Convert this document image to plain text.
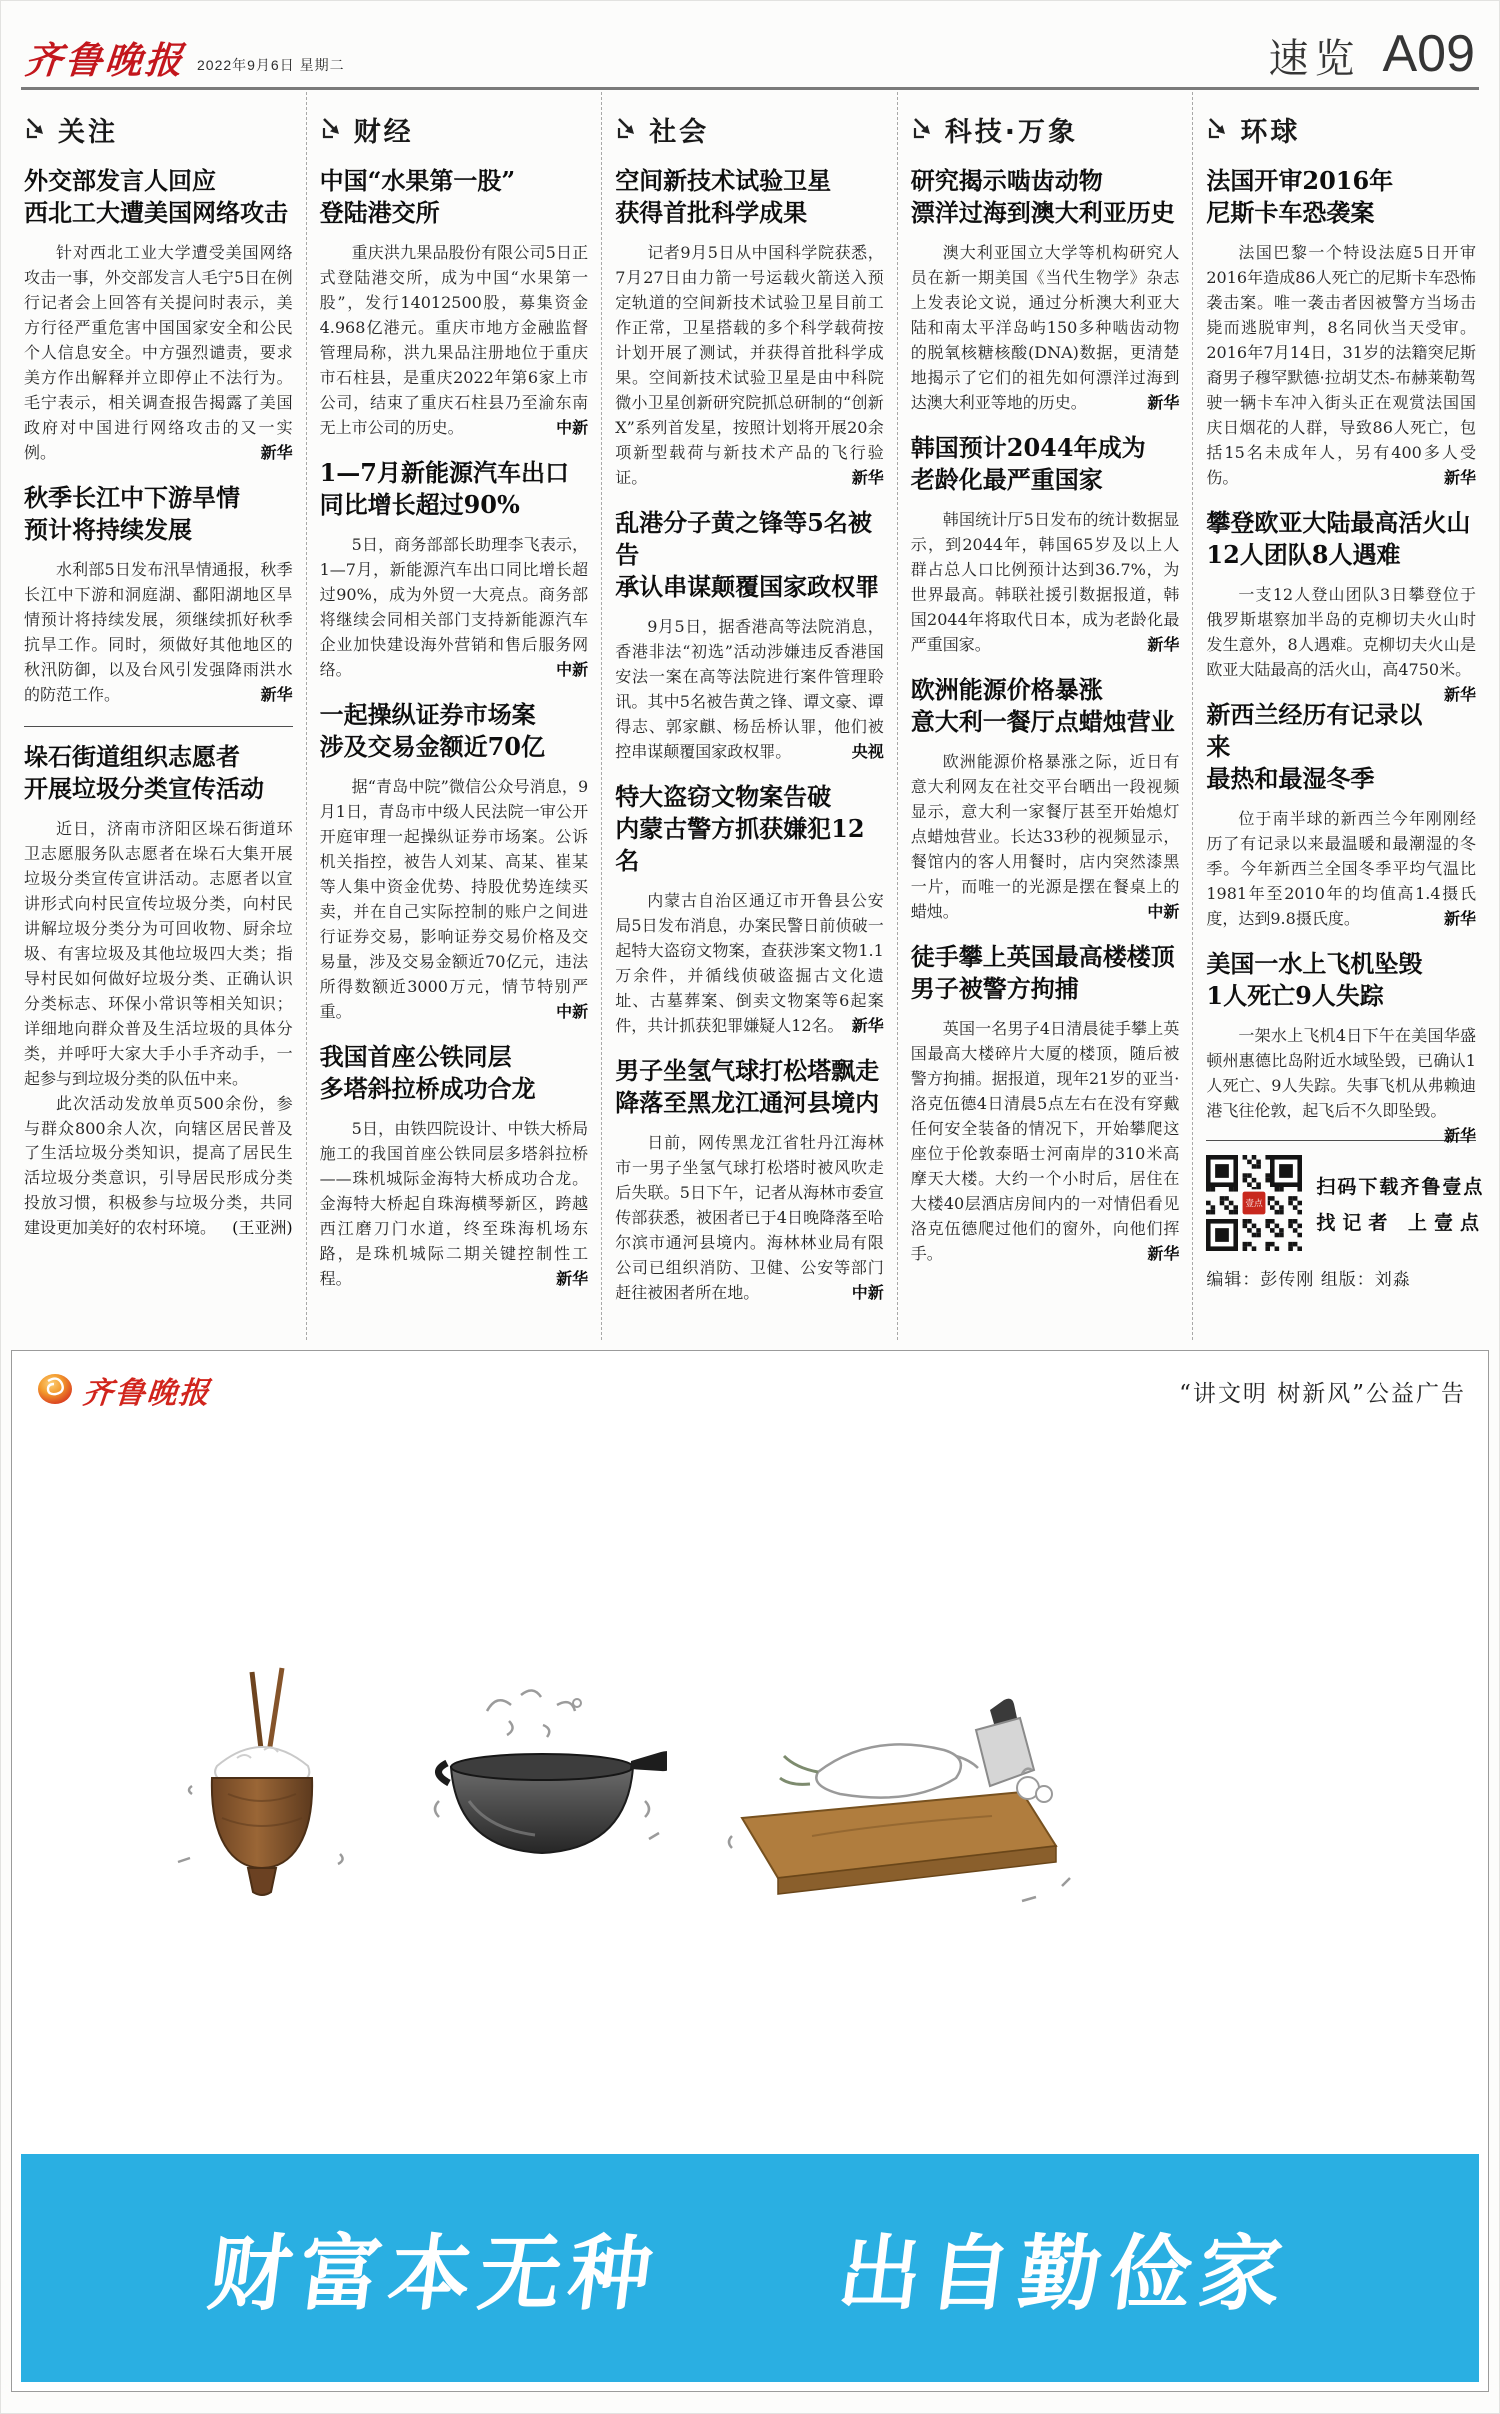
齐鲁晚报 2022年9月6日 星期二	速览 A09
关注
外交部发言人回应
西北工大遭美国网络攻击

针对西北工业大学遭受美国网络攻击一事，外交部发言人毛宁5日在例行记者会上回答有关提问时表示，美方行径严重危害中国国家安全和公民个人信息安全。中方强烈谴责，要求美方作出解释并立即停止不法行为。毛宁表示，相关调查报告揭露了美国政府对中国进行网络攻击的又一实例。	新华

秋季长江中下游旱情
预计将持续发展

水利部5日发布汛旱情通报，秋季长江中下游和洞庭湖、鄱阳湖地区旱情预计将持续发展，须继续抓好秋季抗旱工作。同时，须做好其他地区的秋汛防御，以及台风引发强降雨洪水的防范工作。	新华

垛石街道组织志愿者
开展垃圾分类宣传活动

近日，济南市济阳区垛石街道环卫志愿服务队志愿者在垛石大集开展垃圾分类宣传宣讲活动。志愿者以宣讲形式向村民宣传垃圾分类，向村民讲解垃圾分类分为可回收物、厨余垃圾、有害垃圾及其他垃圾四大类；指导村民如何做好垃圾分类、正确认识分类标志、环保小常识等相关知识；详细地向群众普及生活垃圾的具体分类，并呼吁大家大手小手齐动手，一起参与到垃圾分类的队伍中来。

此次活动发放单页500余份，参与群众800余人次，向辖区居民普及了生活垃圾分类知识，提高了居民生活垃圾分类意识，引导居民形成分类投放习惯，积极参与垃圾分类，共同建设更加美好的农村环境。	(王亚洲)

财经
中国“水果第一股”
登陆港交所

重庆洪九果品股份有限公司5日正式登陆港交所，成为中国“水果第一股”，发行14012500股，募集资金4.968亿港元。重庆市地方金融监督管理局称，洪九果品注册地位于重庆市石柱县，是重庆2022年第6家上市公司，结束了重庆石柱县乃至渝东南无上市公司的历史。	中新

1—7月新能源汽车出口
同比增长超过90%

5日，商务部部长助理李飞表示，1—7月，新能源汽车出口同比增长超过90%，成为外贸一大亮点。商务部将继续会同相关部门支持新能源汽车企业加快建设海外营销和售后服务网络。	中新

一起操纵证券市场案
涉及交易金额近70亿

据“青岛中院”微信公众号消息，9月1日，青岛市中级人民法院一审公开开庭审理一起操纵证券市场案。公诉机关指控，被告人刘某、高某、崔某等人集中资金优势、持股优势连续买卖，并在自己实际控制的账户之间进行证券交易，影响证券交易价格及交易量，涉及交易金额近70亿元，违法所得数额近3000万元，情节特别严重。	中新

我国首座公铁同层
多塔斜拉桥成功合龙

5日，由铁四院设计、中铁大桥局施工的我国首座公铁同层多塔斜拉桥——珠机城际金海特大桥成功合龙。金海特大桥起自珠海横琴新区，跨越西江磨刀门水道，终至珠海机场东路，是珠机城际二期关键控制性工程。	新华

社会
空间新技术试验卫星
获得首批科学成果

记者9月5日从中国科学院获悉，7月27日由力箭一号运载火箭送入预定轨道的空间新技术试验卫星目前工作正常，卫星搭载的多个科学载荷按计划开展了测试，并获得首批科学成果。空间新技术试验卫星是由中科院微小卫星创新研究院抓总研制的“创新X”系列首发星，按照计划将开展20余项新型载荷与新技术产品的飞行验证。	新华

乱港分子黄之锋等5名被告
承认串谋颠覆国家政权罪

9月5日，据香港高等法院消息，香港非法“初选”活动涉嫌违反香港国安法一案在高等法院进行案件管理聆讯。其中5名被告黄之锋、谭文豪、谭得志、郭家麒、杨岳桥认罪，他们被控串谋颠覆国家政权罪。	央视

特大盗窃文物案告破
内蒙古警方抓获嫌犯12名

内蒙古自治区通辽市开鲁县公安局5日发布消息，办案民警日前侦破一起特大盗窃文物案，查获涉案文物1.1万余件，并循线侦破盗掘古文化遗址、古墓葬案、倒卖文物案等6起案件，共计抓获犯罪嫌疑人12名。 新华

男子坐氢气球打松塔飘走
降落至黑龙江通河县境内

日前，网传黑龙江省牡丹江海林市一男子坐氢气球打松塔时被风吹走后失联。5日下午，记者从海林市委宣传部获悉，被困者已于4日晚降落至哈尔滨市通河县境内。海林林业局有限公司已组织消防、卫健、公安等部门赶往被困者所在地。	中新

科技·万象
研究揭示啮齿动物
漂洋过海到澳大利亚历史

澳大利亚国立大学等机构研究人员在新一期美国《当代生物学》杂志上发表论文说，通过分析澳大利亚大陆和南太平洋岛屿150多种啮齿动物的脱氧核糖核酸(DNA)数据，更清楚地揭示了它们的祖先如何漂洋过海到达澳大利亚等地的历史。	新华

韩国预计2044年成为
老龄化最严重国家

韩国统计厅5日发布的统计数据显示，到2044年，韩国65岁及以上人群占总人口比例预计达到36.7%，为世界最高。韩联社援引数据报道，韩国2044年将取代日本，成为老龄化最严重国家。	新华

欧洲能源价格暴涨
意大利一餐厅点蜡烛营业

欧洲能源价格暴涨之际，近日有意大利网友在社交平台晒出一段视频显示，意大利一家餐厅甚至开始熄灯点蜡烛营业。长达33秒的视频显示，餐馆内的客人用餐时，店内突然漆黑一片，而唯一的光源是摆在餐桌上的蜡烛。	中新

徒手攀上英国最高楼楼顶
男子被警方拘捕

英国一名男子4日清晨徒手攀上英国最高大楼碎片大厦的楼顶，随后被警方拘捕。据报道，现年21岁的亚当·洛克伍德4日清晨5点左右在没有穿戴任何安全装备的情况下，开始攀爬这座位于伦敦泰晤士河南岸的310米高摩天大楼。大约一个小时后，居住在大楼40层酒店房间内的一对情侣看见洛克伍德爬过他们的窗外，向他们挥手。	新华

环球
法国开审2016年
尼斯卡车恐袭案

法国巴黎一个特设法庭5日开审2016年造成86人死亡的尼斯卡车恐怖袭击案。唯一袭击者因被警方当场击毙而逃脱审判，8名同伙当天受审。2016年7月14日，31岁的法籍突尼斯裔男子穆罕默德·拉胡艾杰-布赫莱勒驾驶一辆卡车冲入街头正在观赏法国国庆日烟花的人群，导致86人死亡，包括15名未成年人，另有400多人受伤。	新华

攀登欧亚大陆最高活火山
12人团队8人遇难

一支12人登山团队3日攀登位于俄罗斯堪察加半岛的克柳切夫火山时发生意外，8人遇难。克柳切夫火山是欧亚大陆最高的活火山，高4750米。
新华

新西兰经历有记录以来
最热和最湿冬季

位于南半球的新西兰今年刚刚经历了有记录以来最温暖和最潮湿的冬季。今年新西兰全国冬季平均气温比1981年至2010年的均值高1.4摄氏度，达到9.8摄氏度。	新华

美国一水上飞机坠毁
1人死亡9人失踪

一架水上飞机4日下午在美国华盛顿州惠德比岛附近水域坠毁，已确认1人死亡、9人失踪。失事飞机从弗赖迪港飞往伦敦，起飞后不久即坠毁。
新华

壹点
扫码下载齐鲁壹点
找记者 上壹点
编辑：彭传刚 组版：刘淼
齐鲁晚报	“讲文明 树新风”公益广告
财富本无种　　出自勤俭家
